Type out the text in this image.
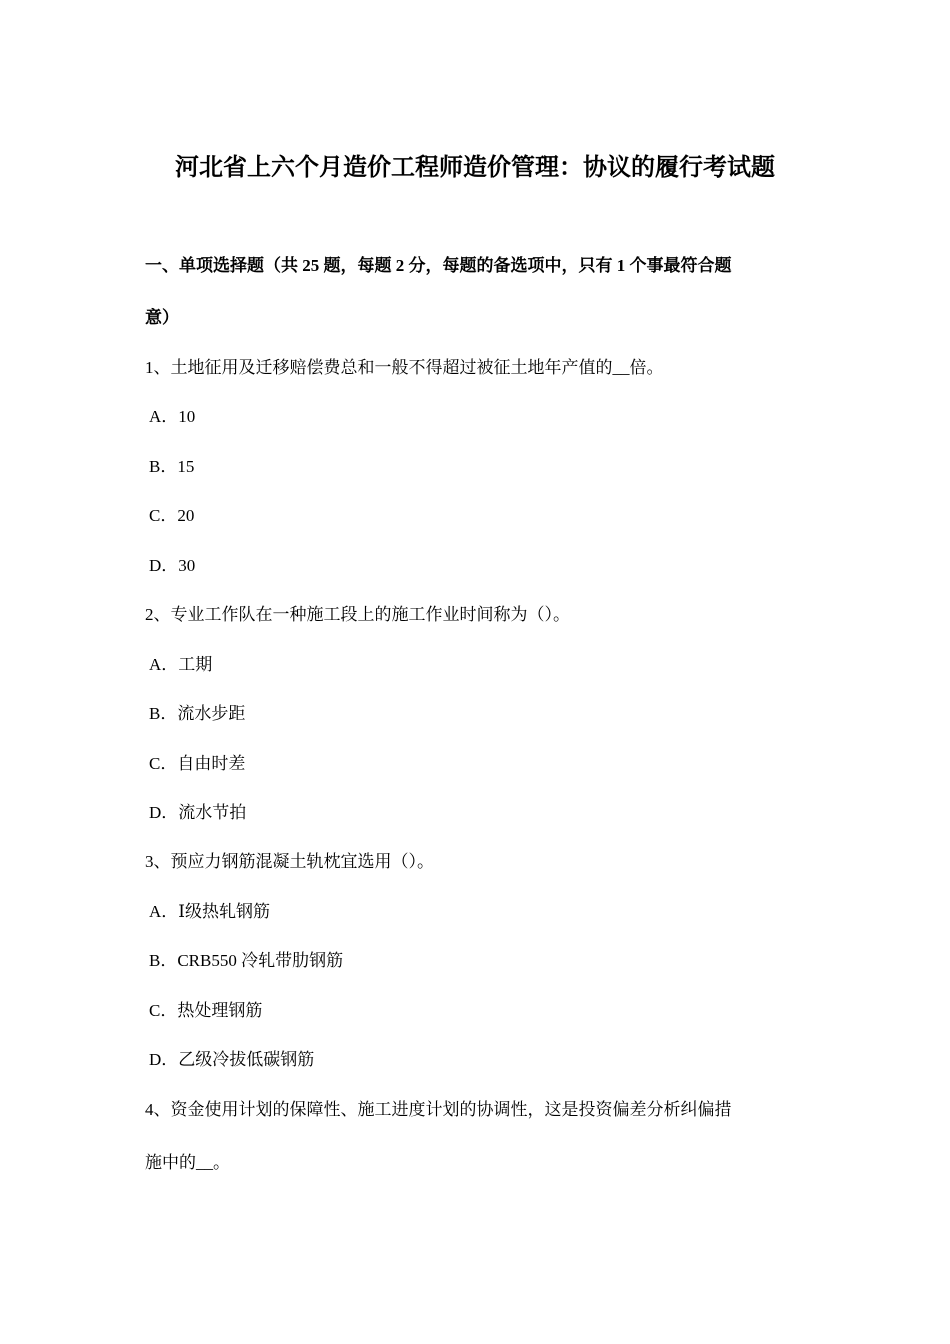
河北省上六个月造价工程师造价管理：协议的履行考试题
一、单项选择题（共 25 题，每题 2 分，每题的备选项中，只有 1 个事最符合题
意）
1、土地征用及迁移赔偿费总和一般不得超过被征土地年产值的__倍。
A．10
B．15
C．20
D．30
2、专业工作队在一种施工段上的施工作业时间称为（）。
A．工期
B．流水步距
C．自由时差
D．流水节拍
3、预应力钢筋混凝土轨枕宜选用（）。
A．Ⅰ级热轧钢筋
B．CRB550 冷轧带肋钢筋
C．热处理钢筋
D．乙级冷拔低碳钢筋
4、资金使用计划的保障性、施工进度计划的协调性，这是投资偏差分析纠偏措
施中的__。
